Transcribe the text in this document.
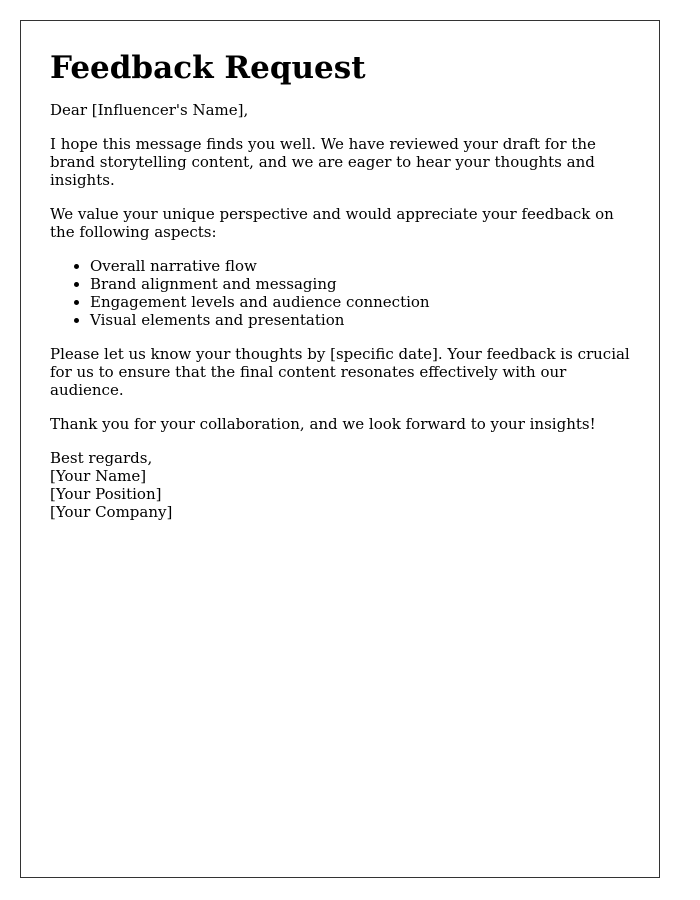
Feedback Request

Dear [Influencer's Name],

I hope this message finds you well. We have reviewed your draft for the brand storytelling content, and we are eager to hear your thoughts and insights.

We value your unique perspective and would appreciate your feedback on the following aspects:

• Overall narrative flow
• Brand alignment and messaging
• Engagement levels and audience connection
• Visual elements and presentation

Please let us know your thoughts by [specific date]. Your feedback is crucial for us to ensure that the final content resonates effectively with our audience.

Thank you for your collaboration, and we look forward to your insights!

Best regards,
[Your Name]
[Your Position]
[Your Company]
